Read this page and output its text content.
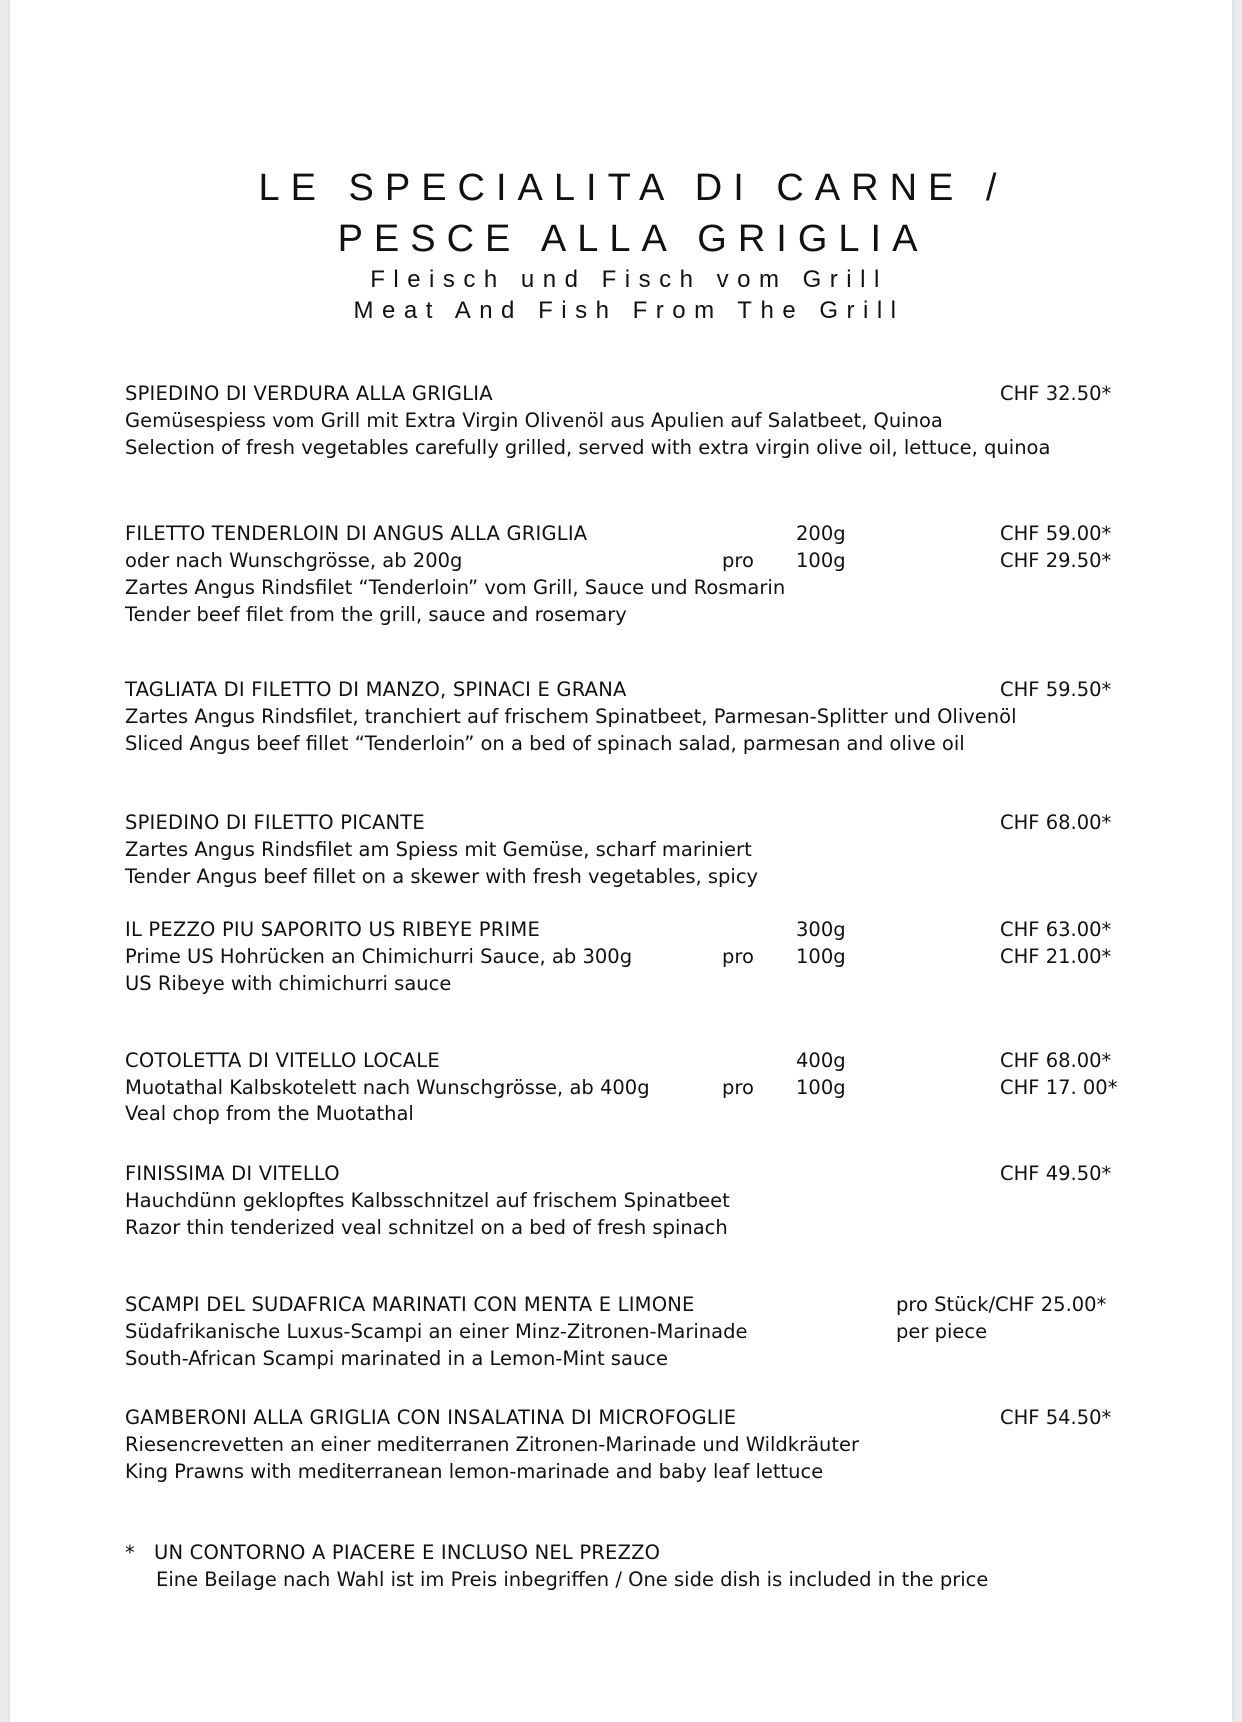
LE SPECIALITA DI CARNE /
PESCE ALLA GRIGLIA
Fleisch und Fisch vom Grill
Meat And Fish From The Grill
SPIEDINO DI VERDURA ALLA GRIGLIA	CHF 32.50*
Gemüsespiess vom Grill mit Extra Virgin Olivenöl aus Apulien auf Salatbeet, Quinoa
Selection of fresh vegetables carefully grilled, served with extra virgin olive oil, lettuce, quinoa
FILETTO TENDERLOIN DI ANGUS ALLA GRIGLIA	200g	CHF 59.00*
oder nach Wunschgrösse, ab 200g	pro 100g	CHF 29.50*
Zartes Angus Rindsfilet “Tenderloin” vom Grill, Sauce und Rosmarin
Tender beef filet from the grill, sauce and rosemary
TAGLIATA DI FILETTO DI MANZO, SPINACI E GRANA	CHF 59.50*
Zartes Angus Rindsfilet, tranchiert auf frischem Spinatbeet, Parmesan-Splitter und Olivenöl
Sliced Angus beef fillet “Tenderloin” on a bed of spinach salad, parmesan and olive oil
SPIEDINO DI FILETTO PICANTE	CHF 68.00*
Zartes Angus Rindsfilet am Spiess mit Gemüse, scharf mariniert
Tender Angus beef fillet on a skewer with fresh vegetables, spicy
IL PEZZO PIU SAPORITO US RIBEYE PRIME	300g	CHF 63.00*
Prime US Hohrücken an Chimichurri Sauce, ab 300g	pro 100g	CHF 21.00*
US Ribeye with chimichurri sauce
COTOLETTA DI VITELLO LOCALE	400g	CHF 68.00*
Muotathal Kalbskotelett nach Wunschgrösse, ab 400g	pro 100g	CHF 17. 00*
Veal chop from the Muotathal
FINISSIMA DI VITELLO	CHF 49.50*
Hauchdünn geklopftes Kalbsschnitzel auf frischem Spinatbeet
Razor thin tenderized veal schnitzel on a bed of fresh spinach
SCAMPI DEL SUDAFRICA MARINATI CON MENTA E LIMONE	pro Stück/CHF 25.00*
per piece
Südafrikanische Luxus-Scampi an einer Minz-Zitronen-Marinade
South-African Scampi marinated in a Lemon-Mint sauce
GAMBERONI ALLA GRIGLIA CON INSALATINA DI MICROFOGLIE	CHF 54.50*
Riesencrevetten an einer mediterranen Zitronen-Marinade und Wildkräuter
King Prawns with mediterranean lemon-marinade and baby leaf lettuce
* UN CONTORNO A PIACERE E INCLUSO NEL PREZZO
Eine Beilage nach Wahl ist im Preis inbegriffen / One side dish is included in the price
